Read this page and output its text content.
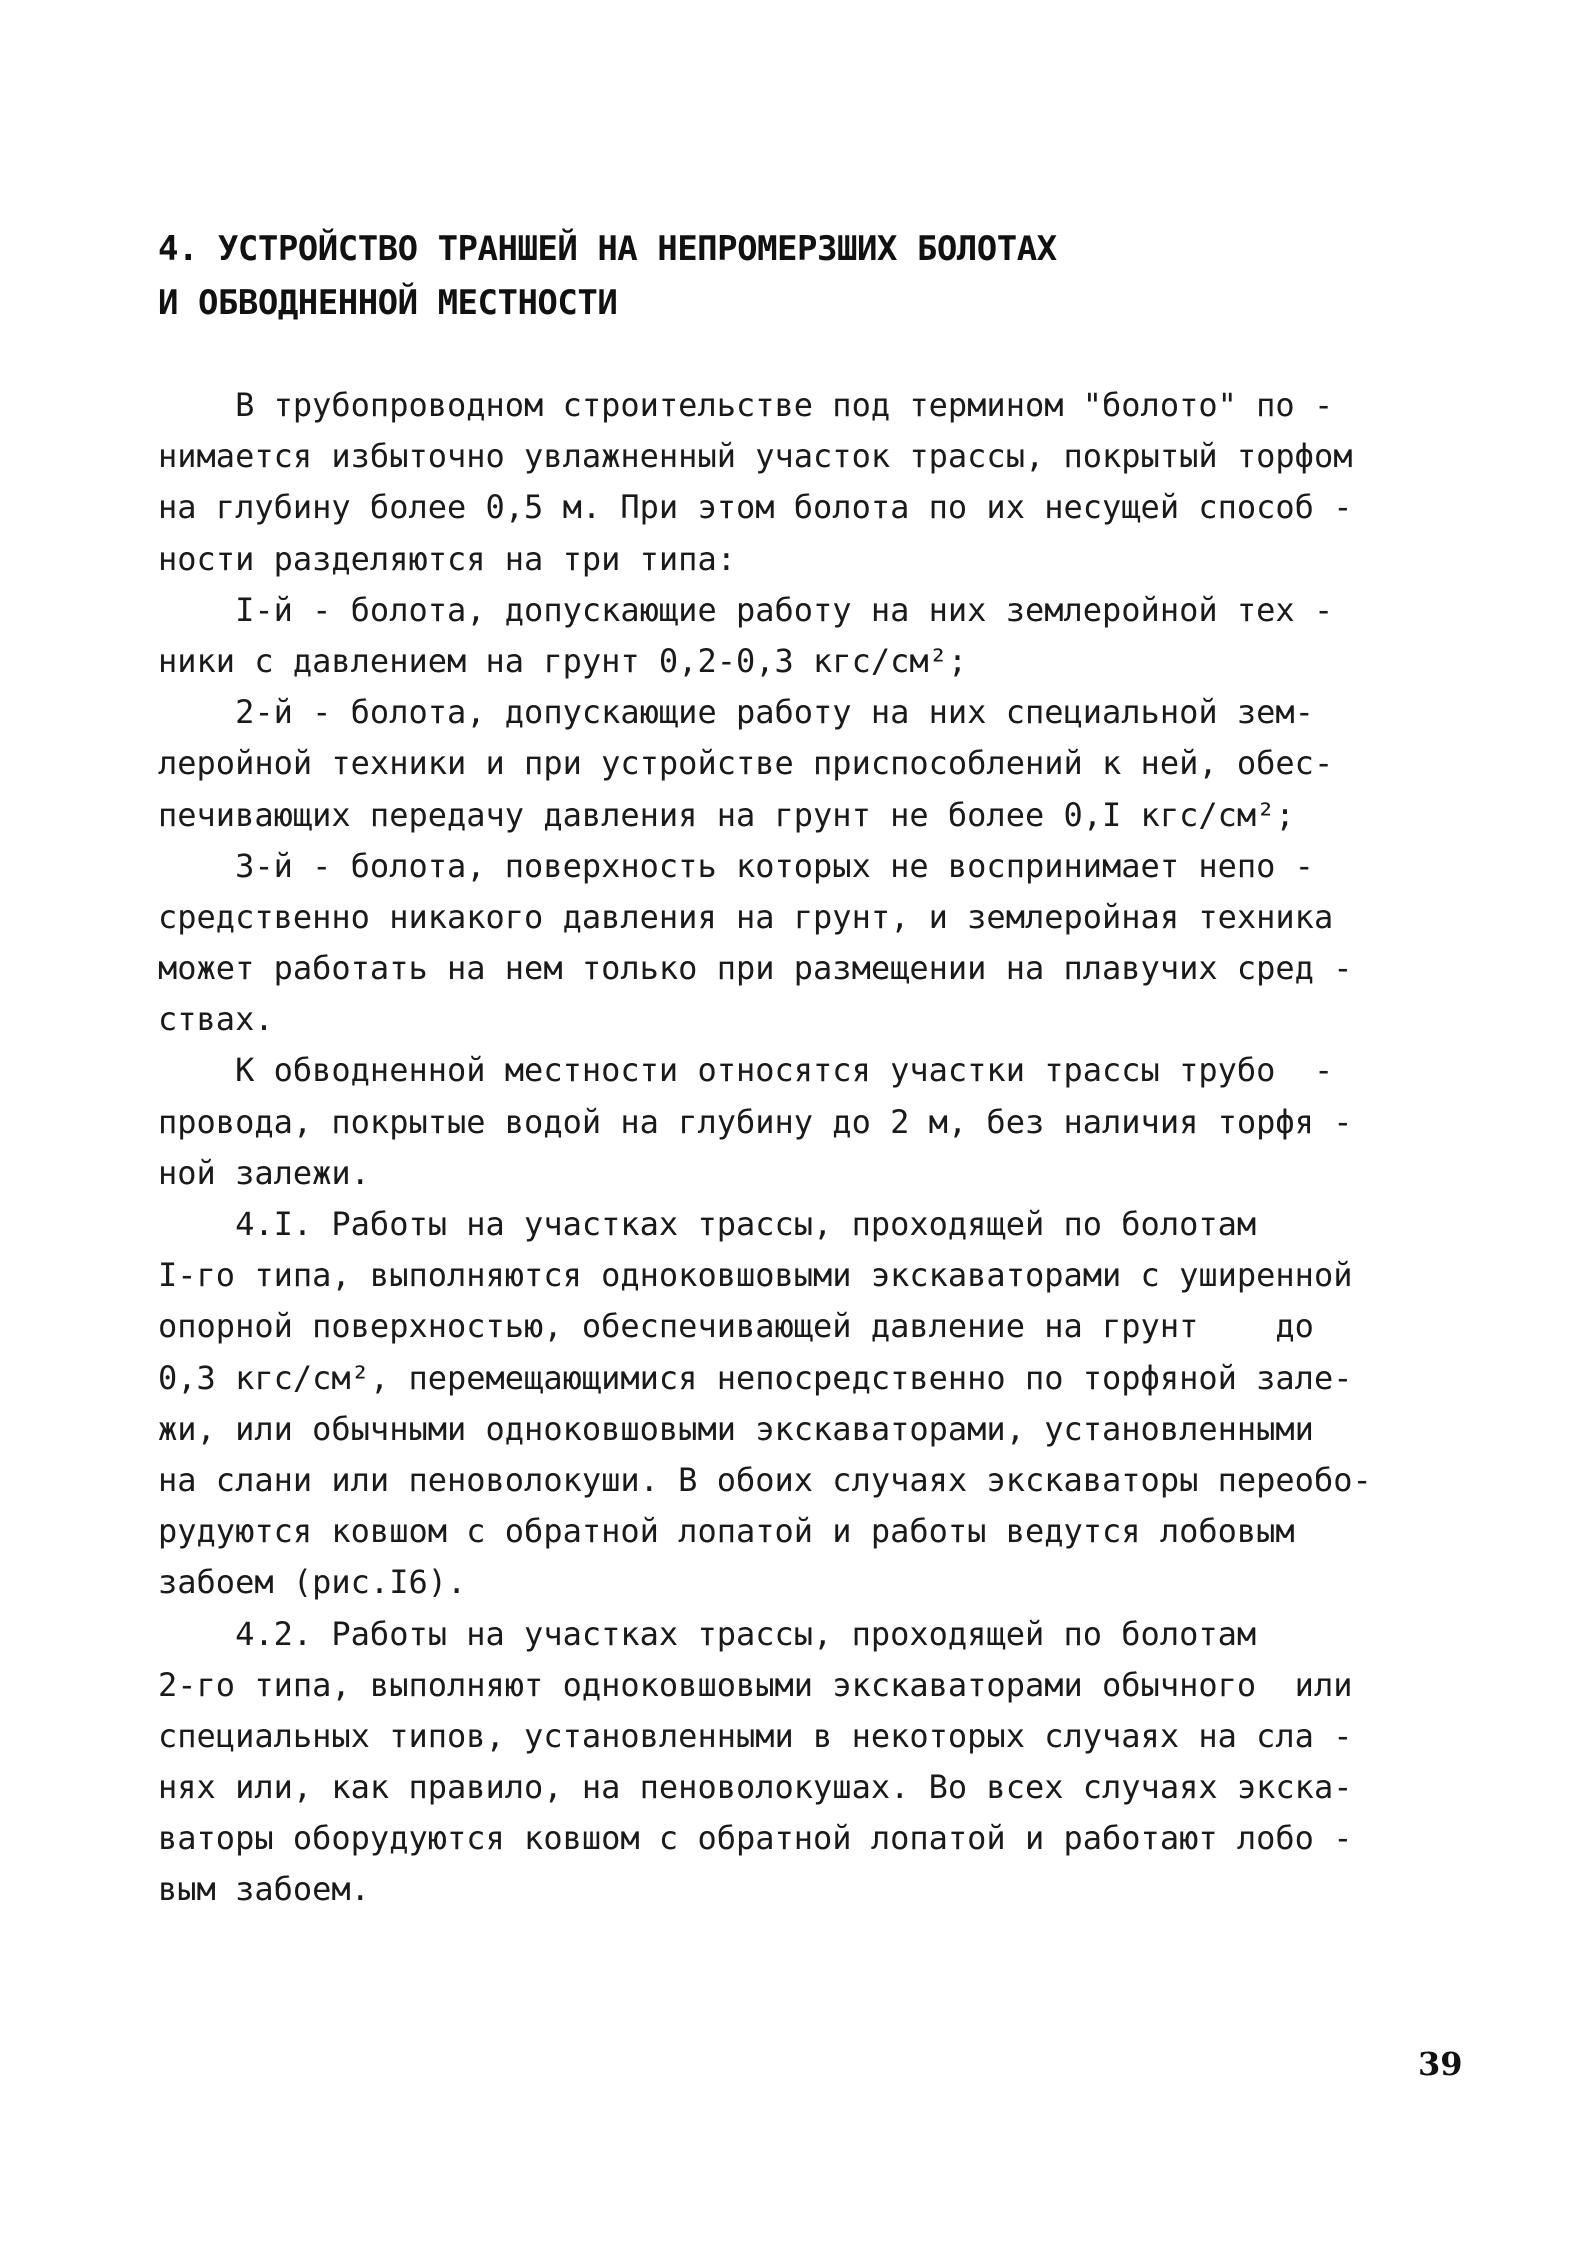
4. УСТРОЙСТВО ТРАНШЕЙ НА НЕПРОМЕРЗШИХ БОЛОТАХ
И ОБВОДНЕННОЙ МЕСТНОСТИ
В трубопроводном строительстве под термином "болото" по -
нимается избыточно увлажненный участок трассы, покрытый торфом
на глубину более 0,5 м. При этом болота по их несущей способ -
ности разделяются на три типа:
I-й - болота, допускающие работу на них землеройной тех -
ники с давлением на грунт 0,2-0,3 кгс/см²;
2-й - болота, допускающие работу на них специальной зем-
леройной техники и при устройстве приспособлений к ней, обес-
печивающих передачу давления на грунт не более 0,I кгс/см²;
3-й - болота, поверхность которых не воспринимает непо -
средственно никакого давления на грунт, и землеройная техника
может работать на нем только при размещении на плавучих сред -
ствах.
К обводненной местности относятся участки трассы трубо  -
провода, покрытые водой на глубину до 2 м, без наличия торфя -
ной залежи.
4.I. Работы на участках трассы, проходящей по болотам
I-го типа, выполняются одноковшовыми экскаваторами с уширенной
опорной поверхностью, обеспечивающей давление на грунт    до
0,3 кгс/см², перемещающимися непосредственно по торфяной зале-
жи, или обычными одноковшовыми экскаваторами, установленными
на слани или пеноволокуши. В обоих случаях экскаваторы переобо-
рудуются ковшом с обратной лопатой и работы ведутся лобовым
забоем (рис.I6).
4.2. Работы на участках трассы, проходящей по болотам
2-го типа, выполняют одноковшовыми экскаваторами обычного  или
специальных типов, установленными в некоторых случаях на сла -
нях или, как правило, на пеноволокушах. Во всех случаях экска-
ваторы оборудуются ковшом с обратной лопатой и работают лобо -
вым забоем.
39
